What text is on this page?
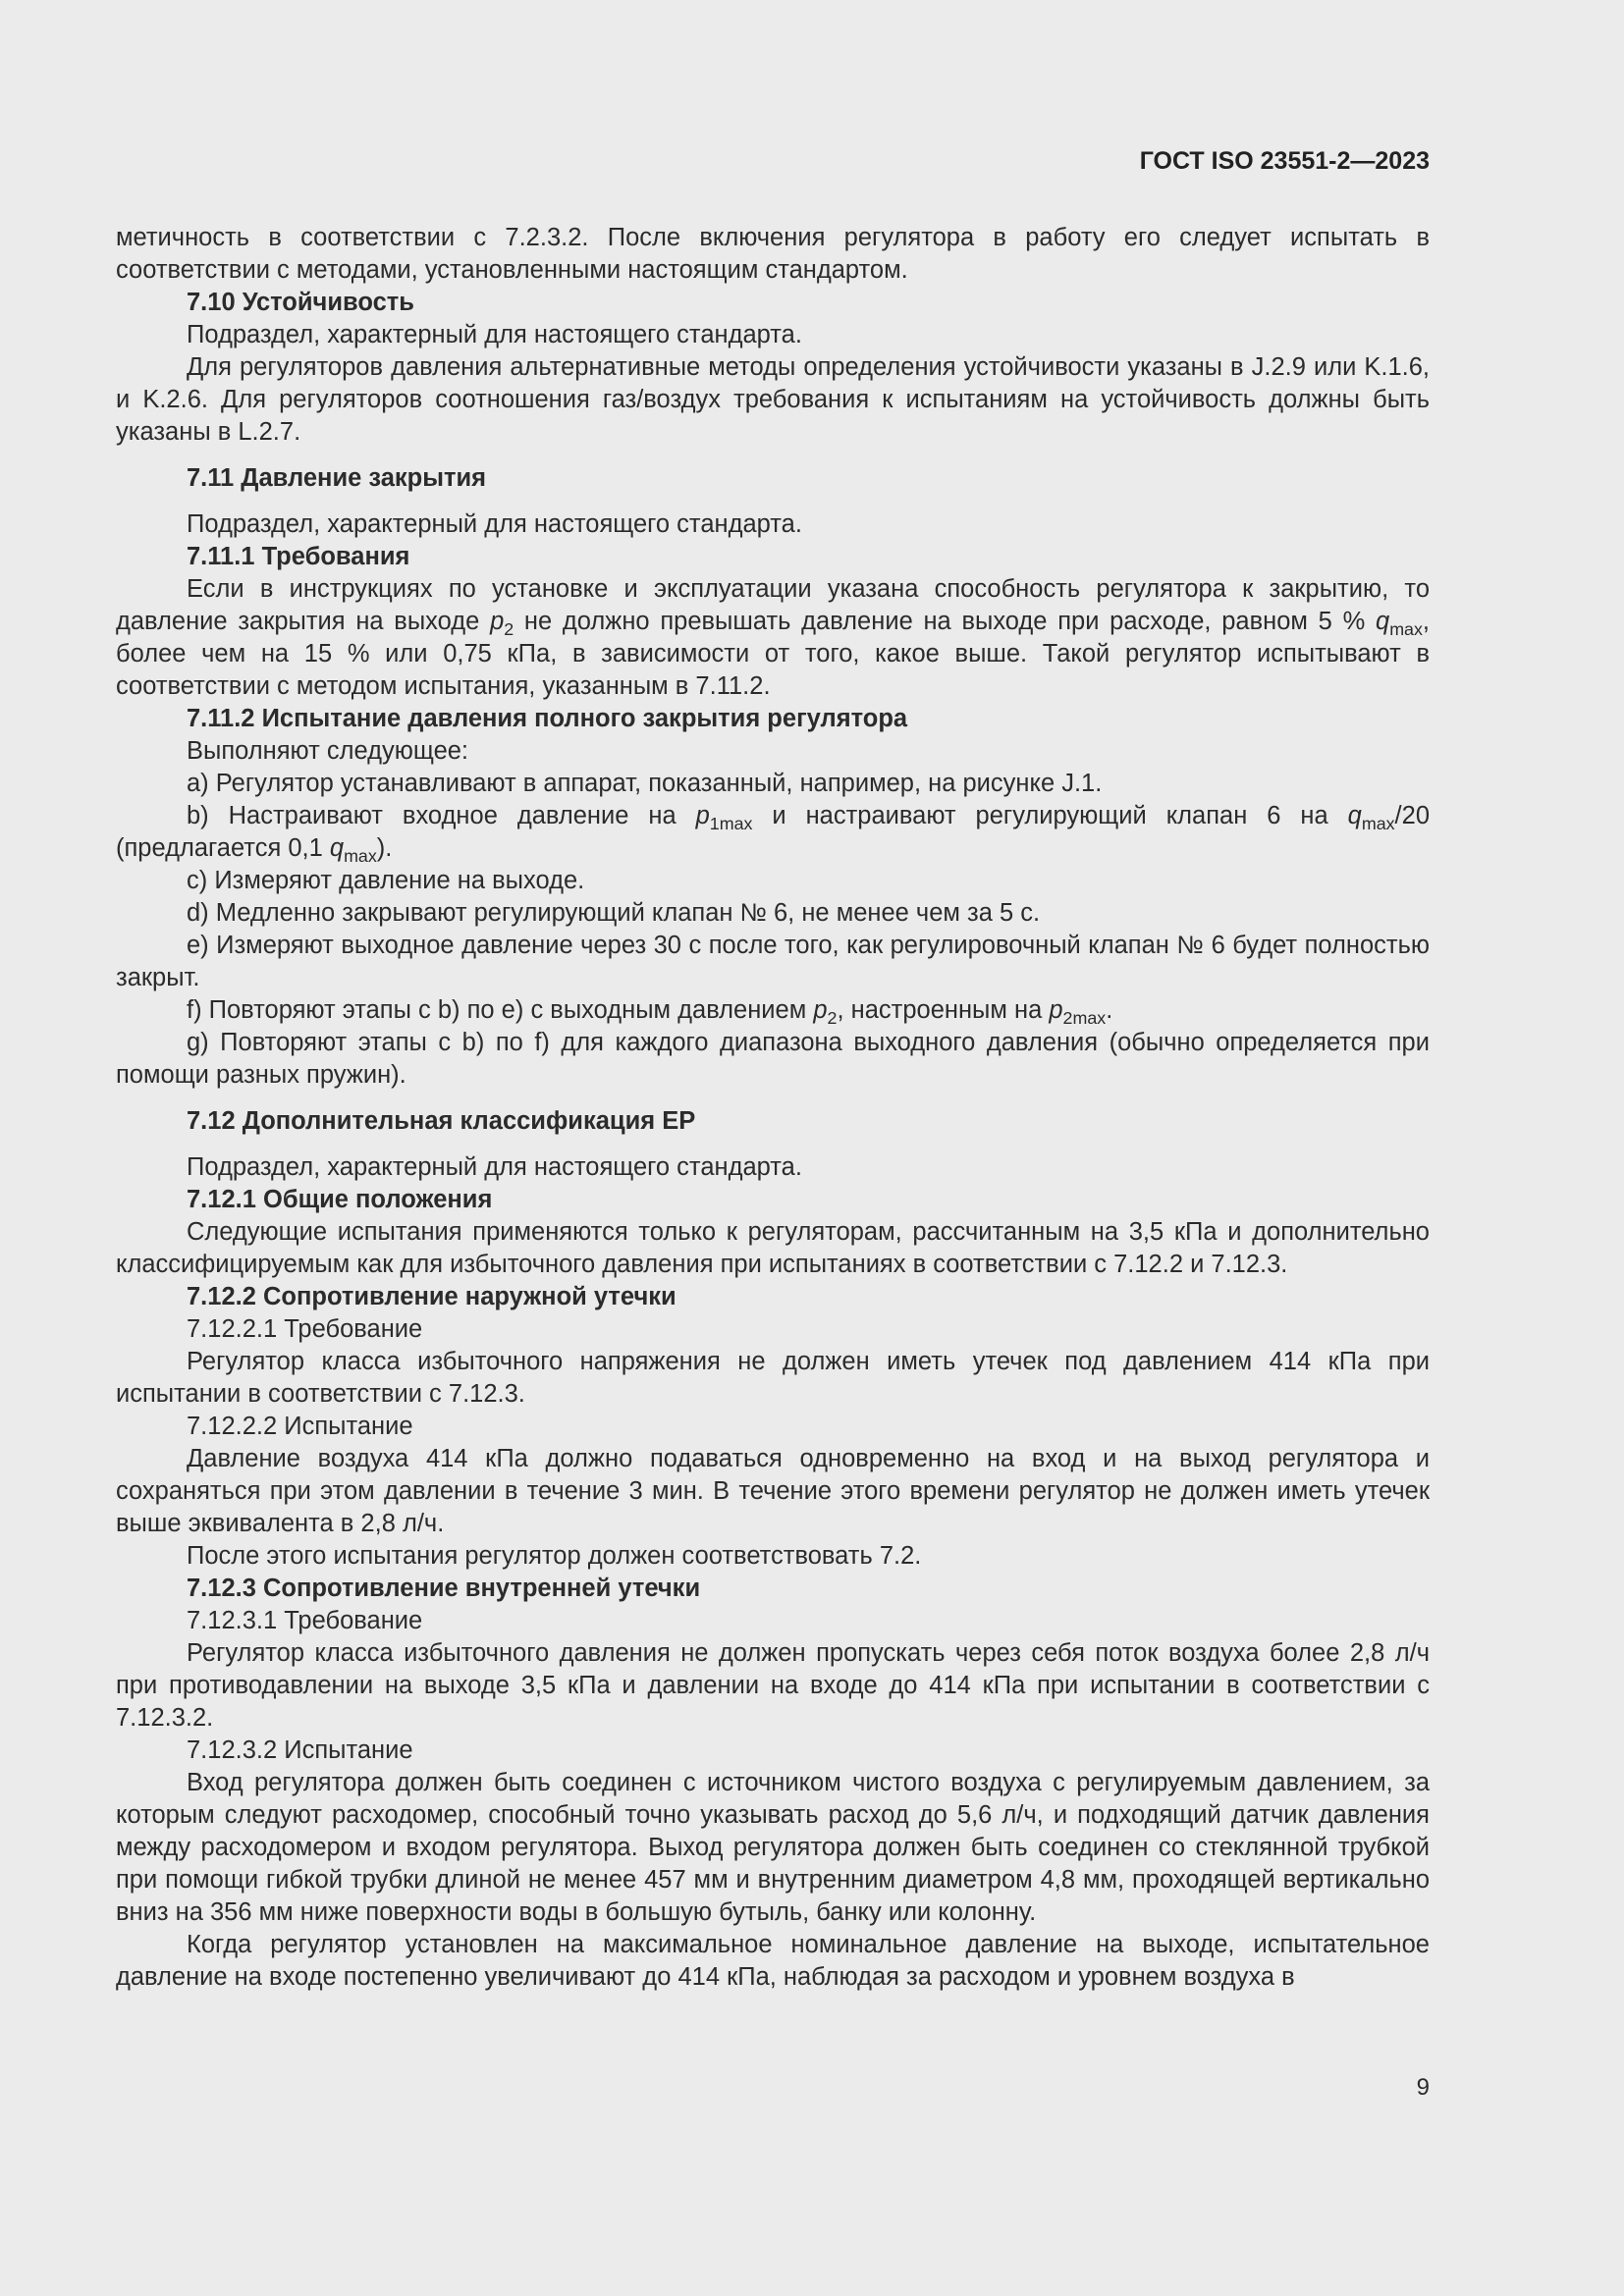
ГОСТ ISO 23551-2—2023

метичность в соответствии с 7.2.3.2. После включения регулятора в работу его следует испытать в соответствии с методами, установленными настоящим стандартом.

7.10 Устойчивость

Подраздел, характерный для настоящего стандарта.

Для регуляторов давления альтернативные методы определения устойчивости указаны в J.2.9 или K.1.6, и K.2.6. Для регуляторов соотношения газ/воздух требования к испытаниям на устойчивость должны быть указаны в L.2.7.

7.11 Давление закрытия

Подраздел, характерный для настоящего стандарта.

7.11.1 Требования

Если в инструкциях по установке и эксплуатации указана способность регулятора к закрытию, то давление закрытия на выходе $p_2$ не должно превышать давление на выходе при расходе, равном 5 % $q_{max}$, более чем на 15 % или 0,75 кПа, в зависимости от того, какое выше. Такой регулятор испытывают в соответствии с методом испытания, указанным в 7.11.2.

7.11.2 Испытание давления полного закрытия регулятора

Выполняют следующее:

a) Регулятор устанавливают в аппарат, показанный, например, на рисунке J.1.

b) Настраивают входное давление на $p_{1max}$ и настраивают регулирующий клапан 6 на $q_{max}/20$ (предлагается 0,1 $q_{max}$).

c) Измеряют давление на выходе.

d) Медленно закрывают регулирующий клапан № 6, не менее чем за 5 с.

e) Измеряют выходное давление через 30 с после того, как регулировочный клапан № 6 будет полностью закрыт.

f) Повторяют этапы с b) по e) с выходным давлением $p_2$, настроенным на $p_{2max}$.

g) Повторяют этапы с b) по f) для каждого диапазона выходного давления (обычно определяется при помощи разных пружин).

7.12 Дополнительная классификация EP

Подраздел, характерный для настоящего стандарта.

7.12.1 Общие положения

Следующие испытания применяются только к регуляторам, рассчитанным на 3,5 кПа и дополнительно классифицируемым как для избыточного давления при испытаниях в соответствии с 7.12.2 и 7.12.3.

7.12.2 Сопротивление наружной утечки

7.12.2.1 Требование

Регулятор класса избыточного напряжения не должен иметь утечек под давлением 414 кПа при испытании в соответствии с 7.12.3.

7.12.2.2 Испытание

Давление воздуха 414 кПа должно подаваться одновременно на вход и на выход регулятора и сохраняться при этом давлении в течение 3 мин. В течение этого времени регулятор не должен иметь утечек выше эквивалента в 2,8 л/ч.

После этого испытания регулятор должен соответствовать 7.2.

7.12.3 Сопротивление внутренней утечки

7.12.3.1 Требование

Регулятор класса избыточного давления не должен пропускать через себя поток воздуха более 2,8 л/ч при противодавлении на выходе 3,5 кПа и давлении на входе до 414 кПа при испытании в соответствии с 7.12.3.2.

7.12.3.2 Испытание

Вход регулятора должен быть соединен с источником чистого воздуха с регулируемым давлением, за которым следуют расходомер, способный точно указывать расход до 5,6 л/ч, и подходящий датчик давления между расходомером и входом регулятора. Выход регулятора должен быть соединен со стеклянной трубкой при помощи гибкой трубки длиной не менее 457 мм и внутренним диаметром 4,8 мм, проходящей вертикально вниз на 356 мм ниже поверхности воды в большую бутыль, банку или колонну.

Когда регулятор установлен на максимальное номинальное давление на выходе, испытательное давление на входе постепенно увеличивают до 414 кПа, наблюдая за расходом и уровнем воздуха в

9
